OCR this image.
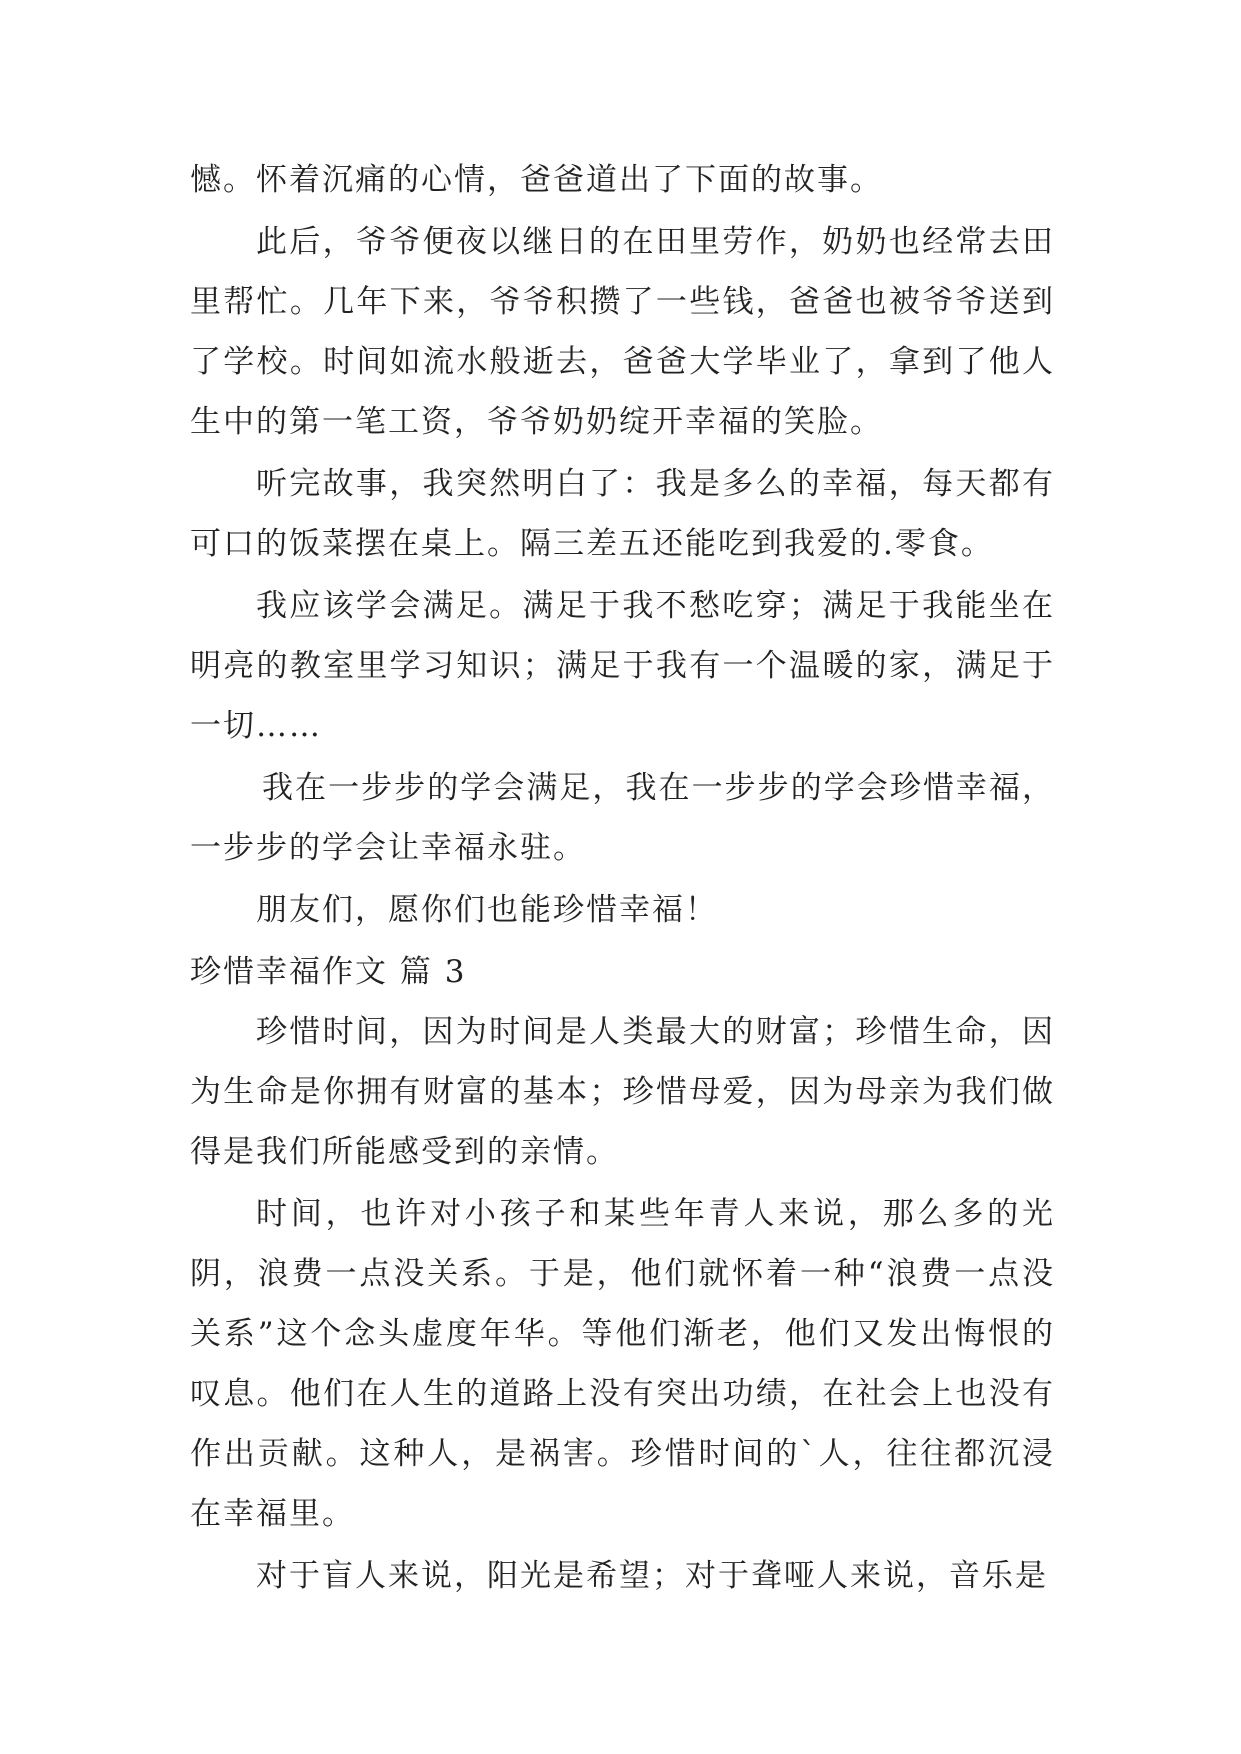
憾。怀着沉痛的心情，爸爸道出了下面的故事。

此后，爷爷便夜以继日的在田里劳作，奶奶也经常去田里帮忙。几年下来，爷爷积攒了一些钱，爸爸也被爷爷送到了学校。时间如流水般逝去，爸爸大学毕业了，拿到了他人生中的第一笔工资，爷爷奶奶绽开幸福的笑脸。

听完故事，我突然明白了：我是多么的幸福，每天都有可口的饭菜摆在桌上。隔三差五还能吃到我爱的.零食。

我应该学会满足。满足于我不愁吃穿；满足于我能坐在明亮的教室里学习知识；满足于我有一个温暖的家，满足于一切……

我在一步步的学会满足，我在一步步的学会珍惜幸福，一步步的学会让幸福永驻。

朋友们，愿你们也能珍惜幸福！

珍惜幸福作文 篇 3

珍惜时间，因为时间是人类最大的财富；珍惜生命，因为生命是你拥有财富的基本；珍惜母爱，因为母亲为我们做得是我们所能感受到的亲情。

时间，也许对小孩子和某些年青人来说，那么多的光阴，浪费一点没关系。于是，他们就怀着一种“浪费一点没关系”这个念头虚度年华。等他们渐老，他们又发出悔恨的叹息。他们在人生的道路上没有突出功绩，在社会上也没有作出贡献。这种人，是祸害。珍惜时间的`人，往往都沉浸在幸福里。

对于盲人来说，阳光是希望；对于聋哑人来说，音乐是
